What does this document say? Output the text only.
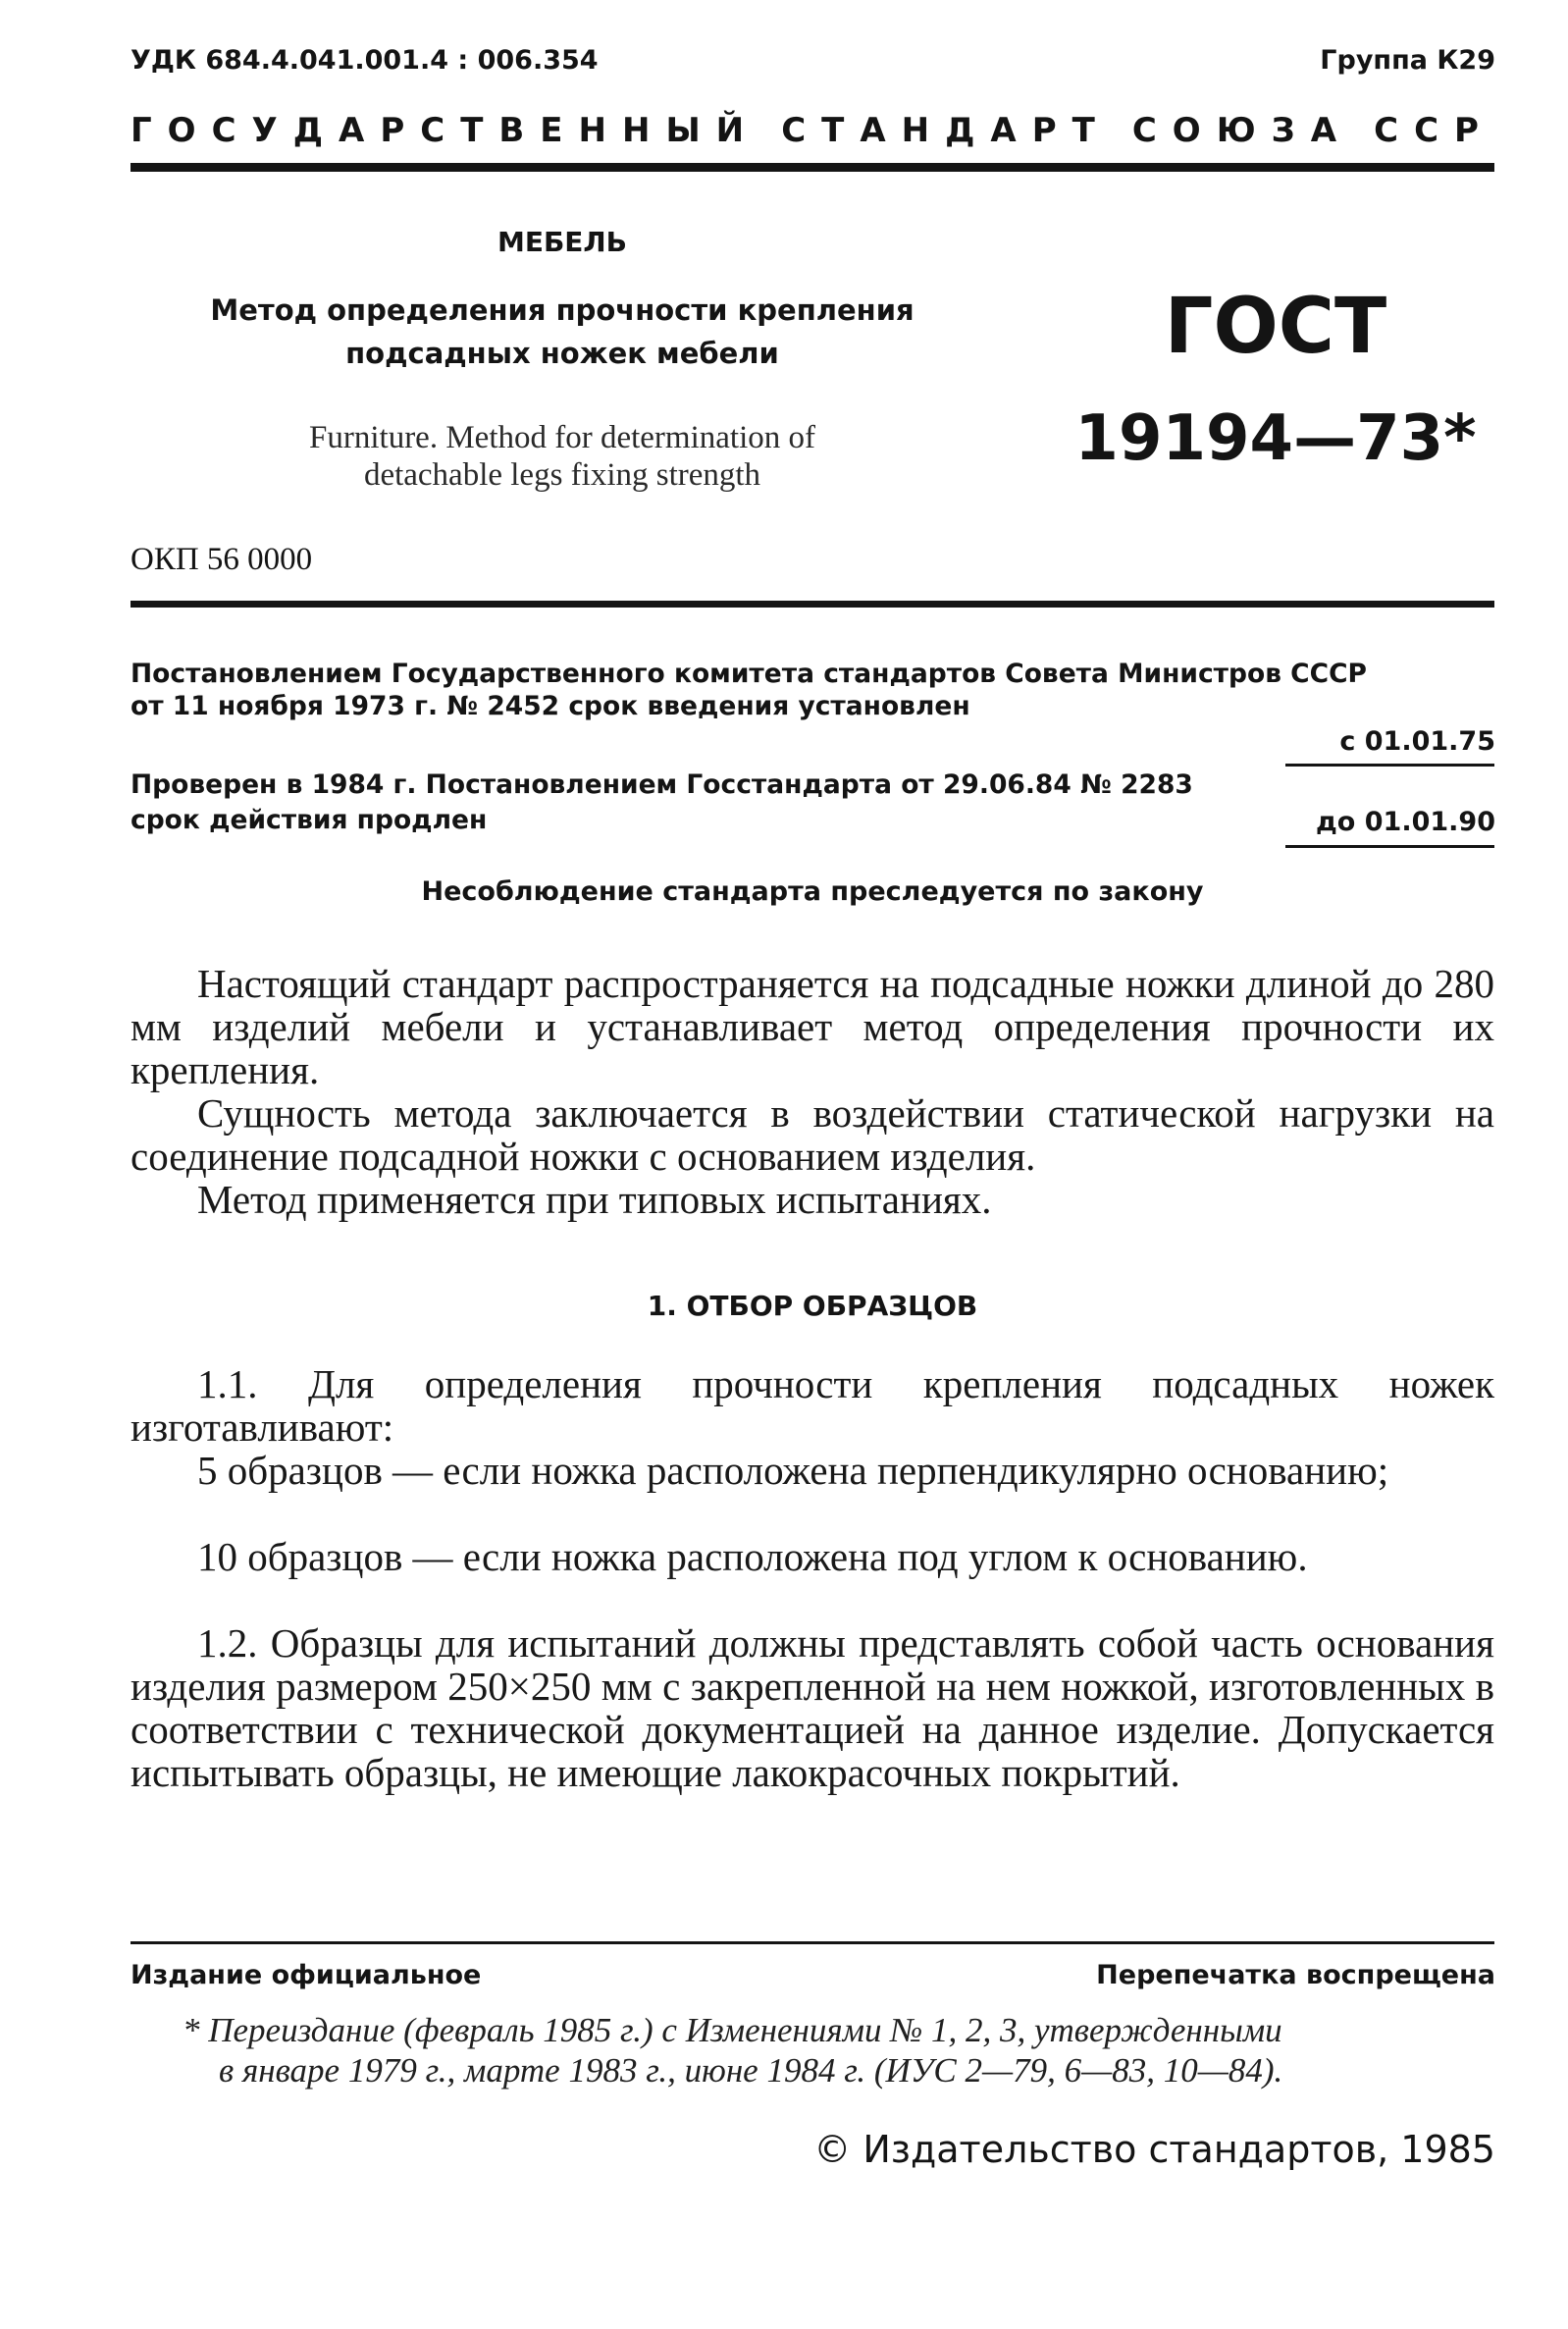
УДК 684.4.041.001.4 : 006.354	Группа К29
ГОСУДАРСТВЕННЫЙ СТАНДАРТ СОЮЗА ССР
МЕБЕЛЬ
Метод определения прочности крепления
подсадных ножек мебели
Furniture. Method for determination of
detachable legs fixing strength
ГОСТ
19194—73*
ОКП 56 0000
Постановлением Государственного комитета стандартов Совета Министров СССР
от 11 ноября 1973 г. № 2452 срок введения установлен
с 01.01.75
Проверен в 1984 г. Постановлением Госстандарта от 29.06.84 № 2283
срок действия продлен	до 01.01.90
Несоблюдение стандарта преследуется по закону
Настоящий стандарт распространяется на подсадные ножки длиной до 280 мм изделий мебели и устанавливает метод определения прочности их крепления.
Сущность метода заключается в воздействии статической нагрузки на соединение подсадной ножки с основанием изделия.
Метод применяется при типовых испытаниях.
1. ОТБОР ОБРАЗЦОВ
1.1. Для определения прочности крепления подсадных ножек изготавливают:
5 образцов — если ножка расположена перпендикулярно основанию;
10 образцов — если ножка расположена под углом к основанию.
1.2. Образцы для испытаний должны представлять собой часть основания изделия размером 250×250 мм с закрепленной на нем ножкой, изготовленных в соответствии с технической документацией на данное изделие. Допускается испытывать образцы, не имеющие лакокрасочных покрытий.
Издание официальное	Перепечатка воспрещена
* Переиздание (февраль 1985 г.) с Изменениями № 1, 2, 3, утвержденными
в январе 1979 г., марте 1983 г., июне 1984 г. (ИУС 2—79, 6—83, 10—84).
© Издательство стандартов, 1985
